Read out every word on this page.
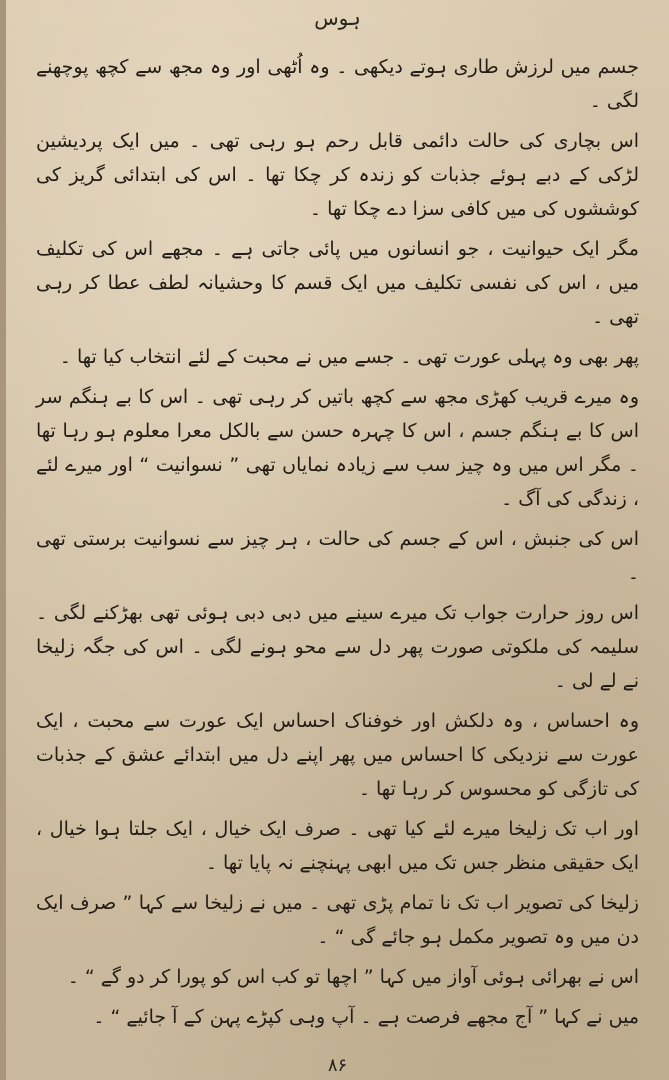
ہوس

جسم میں لرزش طاری ہوتے دیکھی ۔ وہ اُٹھی اور وہ مجھ سے کچھ پوچھنے لگی ۔

اس بچاری کی حالت دائمی قابل رحم ہو رہی تھی ۔ میں ایک پردیشین لڑکی کے دبے ہوئے جذبات کو زندہ کر چکا تھا ۔ اس کی ابتدائی گریز کی کوششوں کی میں کافی سزا دے چکا تھا ۔

مگر ایک حیوانیت ، جو انسانوں میں پائی جاتی ہے ۔ مجھے اس کی تکلیف میں ، اس کی نفسی تکلیف میں ایک قسم کا وحشیانہ لطف عطا کر رہی تھی ۔

پھر بھی وہ پہلی عورت تھی ۔ جسے میں نے محبت کے لئے انتخاب کیا تھا ۔

وہ میرے قریب کھڑی مجھ سے کچھ باتیں کر رہی تھی ۔ اس کا بے ہنگم سر اس کا بے ہنگم جسم ، اس کا چہرہ حسن سے بالکل معرا معلوم ہو رہا تھا ۔ مگر اس میں وہ چیز سب سے زیادہ نمایاں تھی ” نسوانیت “ اور میرے لئے ، زندگی کی آگ ۔

اس کی جنبش ، اس کے جسم کی حالت ، ہر چیز سے نسوانیت برستی تھی ۔

اس روز حرارت جواب تک میرے سینے میں دبی دبی ہوئی تھی بھڑکنے لگی ۔ سلیمہ کی ملکوتی صورت پھر دل سے محو ہونے لگی ۔ اس کی جگہ زلیخا نے لے لی ۔

وہ احساس ، وہ دلکش اور خوفناک احساس ایک عورت سے محبت ، ایک عورت سے نزدیکی کا احساس میں پھر اپنے دل میں ابتدائے عشق کے جذبات کی تازگی کو محسوس کر رہا تھا ۔

اور اب تک زلیخا میرے لئے کیا تھی ۔ صرف ایک خیال ، ایک جلتا ہوا خیال ، ایک حقیقی منظر جس تک میں ابھی پہنچنے نہ پایا تھا ۔

زلیخا کی تصویر اب تک نا تمام پڑی تھی ۔ میں نے زلیخا سے کہا ” صرف ایک دن میں وہ تصویر مکمل ہو جائے گی “ ۔

اس نے بھرائی ہوئی آواز میں کہا ” اچھا تو کب اس کو پورا کر دو گے “ ۔

میں نے کہا ” آج مجھے فرصت ہے ۔ آپ وہی کپڑے پہن کے آ جائیے “ ۔

۸۶
